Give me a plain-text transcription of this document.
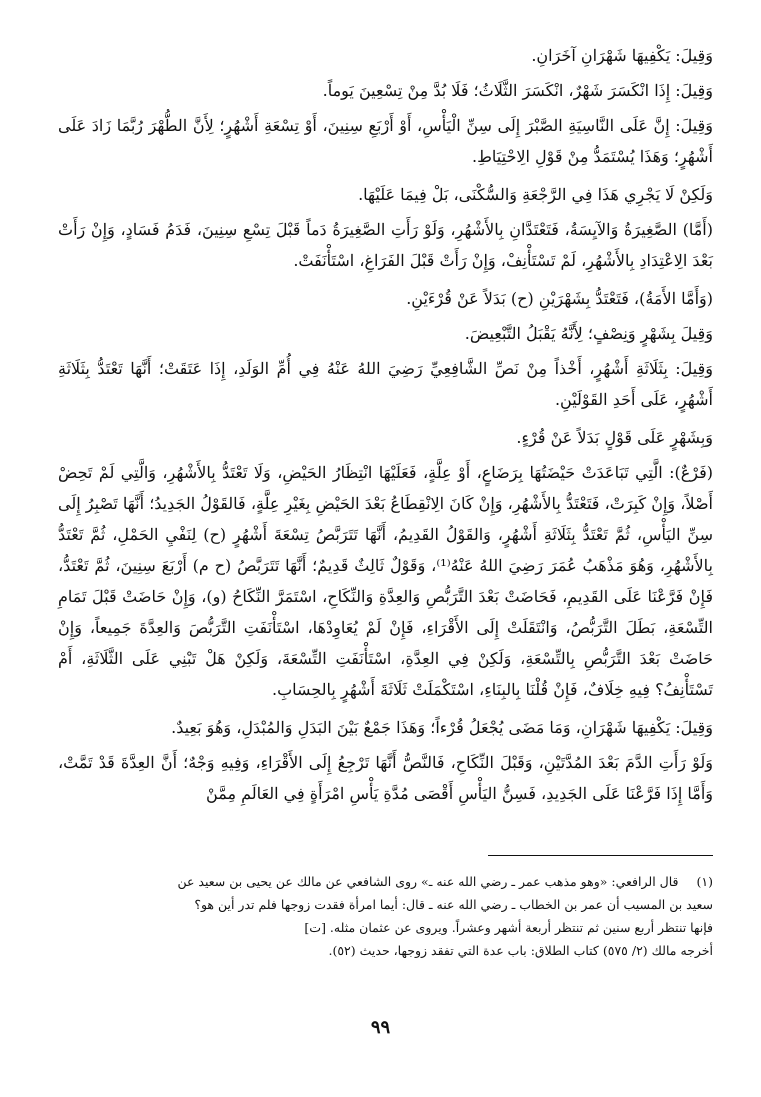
وَقِيلَ: يَكْفِيهَا شَهْرَانِ آخَرَانِ.

وَقِيلَ: إِذَا انْكَسَرَ شَهْرٌ، انْكَسَرَ الثَّلَاثُ؛ فَلَا بُدَّ مِنْ تِسْعِينَ يَوماً.

وَقِيلَ: إِنَّ عَلَى النَّاسِيَةِ الصَّبْرَ إِلَى سِنِّ الْيَأْسِ، أَوْ أَرْبَعِ سِنِينَ، أَوْ تِسْعَةِ أَشْهُرٍ؛ لِأَنَّ الطُّهْرَ رُبَّمَا زَادَ عَلَى أَشْهُرٍ؛ وَهَذَا يُسْتَمَدُّ مِنْ قَوْلِ الِاحْتِيَاطِ.

وَلَكِنْ لَا يَجْرِي هَذَا فِي الرَّجْعَةِ وَالسُّكْنَى، بَلْ فِيمَا عَلَيْهَا.

(أَمَّا) الصَّغِيرَةُ وَالآيِسَةُ، فَتَعْتَدَّانِ بِالأَشْهُرِ، وَلَوْ رَأَتِ الصَّغِيرَةُ دَماً قَبْلَ تِسْعِ سِنِينَ، فَدَمُ فَسَادٍ، وَإِنْ رَأَتْ بَعْدَ الِاعْتِدَادِ بِالأَشْهُرِ، لَمْ تَسْتَأْنِفْ، وَإِنْ رَأَتْ قَبْلَ الفَرَاغِ، اسْتَأْنَفَتْ.

(وَأَمَّا الأَمَةُ)، فَتَعْتَدُّ بِشَهْرَيْنِ (ح) بَدَلاً عَنْ قُرْءَيْنِ.

وَقِيلَ بِشَهْرٍ وَنِصْفٍ؛ لِأَنَّهُ يَقْبَلُ التَّبْعِيضَ.

وَقِيلَ: بِثَلَاثَةِ أَشْهُرٍ، أَخْذاً مِنْ نَصِّ الشَّافِعِيِّ رَضِيَ اللهُ عَنْهُ فِي أُمِّ الوَلَدِ، إِذَا عَتَقَتْ؛ أَنَّهَا تَعْتَدُّ بِثَلَاثَةِ أَشْهُرٍ، عَلَى أَحَدِ القَوْلَيْنِ.

وَبِشَهْرٍ عَلَى قَوْلٍ بَدَلاً عَنْ قُرْءٍ.

(فَرْعٌ): الَّتِي تَبَاعَدَتْ حَيْضَتُهَا بِرَضَاعٍ، أَوْ عِلَّةٍ، فَعَلَيْهَا انْتِظَارُ الحَيْضِ، وَلَا تَعْتَدُّ بِالأَشْهُرِ، وَالَّتِي لَمْ تَحِضْ أَصْلاً، وَإِنْ كَبِرَتْ، فَتَعْتَدُّ بِالأَشْهُرِ، وَإِنْ كَانَ الِانْقِطَاعُ بَعْدَ الحَيْضِ بِغَيْرِ عِلَّةٍ، فَالقَوْلُ الجَدِيدُ؛ أَنَّهَا تَصْبِرُ إِلَى سِنِّ اليَأْسِ، ثُمَّ تَعْتَدُّ بِثَلَاثَةِ أَشْهُرٍ، وَالقَوْلُ القَدِيمُ، أَنَّهَا تَتَرَبَّصُ تِسْعَةَ أَشْهُرٍ (ح) لِنَفْيِ الحَمْلِ، ثُمَّ تَعْتَدُّ بِالأَشْهُرِ، وَهُوَ مَذْهَبُ عُمَرَ رَضِيَ اللهُ عَنْهُ⁽¹⁾، وَقَوْلٌ ثَالِثٌ قَدِيمٌ؛ أَنَّهَا تَتَرَبَّصُ (ح م) أَرْبَعَ سِنِينَ، ثُمَّ تَعْتَدُّ، فَإِنْ فَرَّعْنَا عَلَى القَدِيمِ، فَحَاضَتْ بَعْدَ التَّرَبُّصِ وَالعِدَّةِ وَالنِّكَاحِ، اسْتَمَرَّ النِّكَاحُ (و)، وَإِنْ حَاضَتْ قَبْلَ تَمَامِ التِّسْعَةِ، بَطَلَ التَّرَبُّصُ، وَانْتَقَلَتْ إِلَى الأَقْرَاءِ، فَإِنْ لَمْ يُعَاوِدْهَا، اسْتَأْنَفَتِ التَّرَبُّصَ وَالعِدَّةَ جَمِيعاً، وَإِنْ حَاضَتْ بَعْدَ التَّرَبُّصِ بِالتِّسْعَةِ، وَلَكِنْ فِي العِدَّةِ، اسْتَأْنَفَتِ التِّسْعَةَ، وَلَكِنْ هَلْ تَبْنِي عَلَى الثَّلَاثَةِ، أَمْ تَسْتَأْنِفُ؟ فِيهِ خِلَافٌ، فَإِنْ قُلْنَا بِالبِنَاءِ، اسْتَكْمَلَتْ ثَلَاثَةَ أَشْهُرٍ بِالحِسَابِ.

وَقِيلَ: يَكْفِيهَا شَهْرَانِ، وَمَا مَضَى يُجْعَلُ قُرْءاً؛ وَهَذَا جَمْعٌ بَيْنَ البَدَلِ وَالمُبْدَلِ، وَهُوَ بَعِيدٌ.

وَلَوْ رَأَتِ الدَّمَ بَعْدَ المُدَّتَيْنِ، وَقَبْلَ النِّكَاحِ، فَالنَّصُّ أَنَّهَا تَرْجِعُ إِلَى الأَقْرَاءِ، وَفِيهِ وَجْهٌ؛ أَنَّ العِدَّةَ قَدْ تَمَّتْ، وَأَمَّا إِذَا فَرَّعْنَا عَلَى الجَدِيدِ، فَسِنُّ اليَأْسِ أَقْصَى مُدَّةِ يَأْسِ امْرَأَةٍ فِي العَالَمِ مِمَّنْ

(١) قال الرافعي: «وهو مذهب عمر ـ رضي الله عنه ـ» روى الشافعي عن مالك عن يحيى بن سعيد عن

سعيد بن المسيب أن عمر بن الخطاب ـ رضي الله عنه ـ قال: أيما امرأة فقدت زوجها فلم تدر أين هو؟

فإنها تنتظر أربع سنين ثم تنتظر أربعة أشهر وعشراً. ويروى عن عثمان مثله. [ت]

أخرجه مالك (٢/ ٥٧٥) كتاب الطلاق: باب عدة التي تفقد زوجها، حديث (٥٢).

٩٩
